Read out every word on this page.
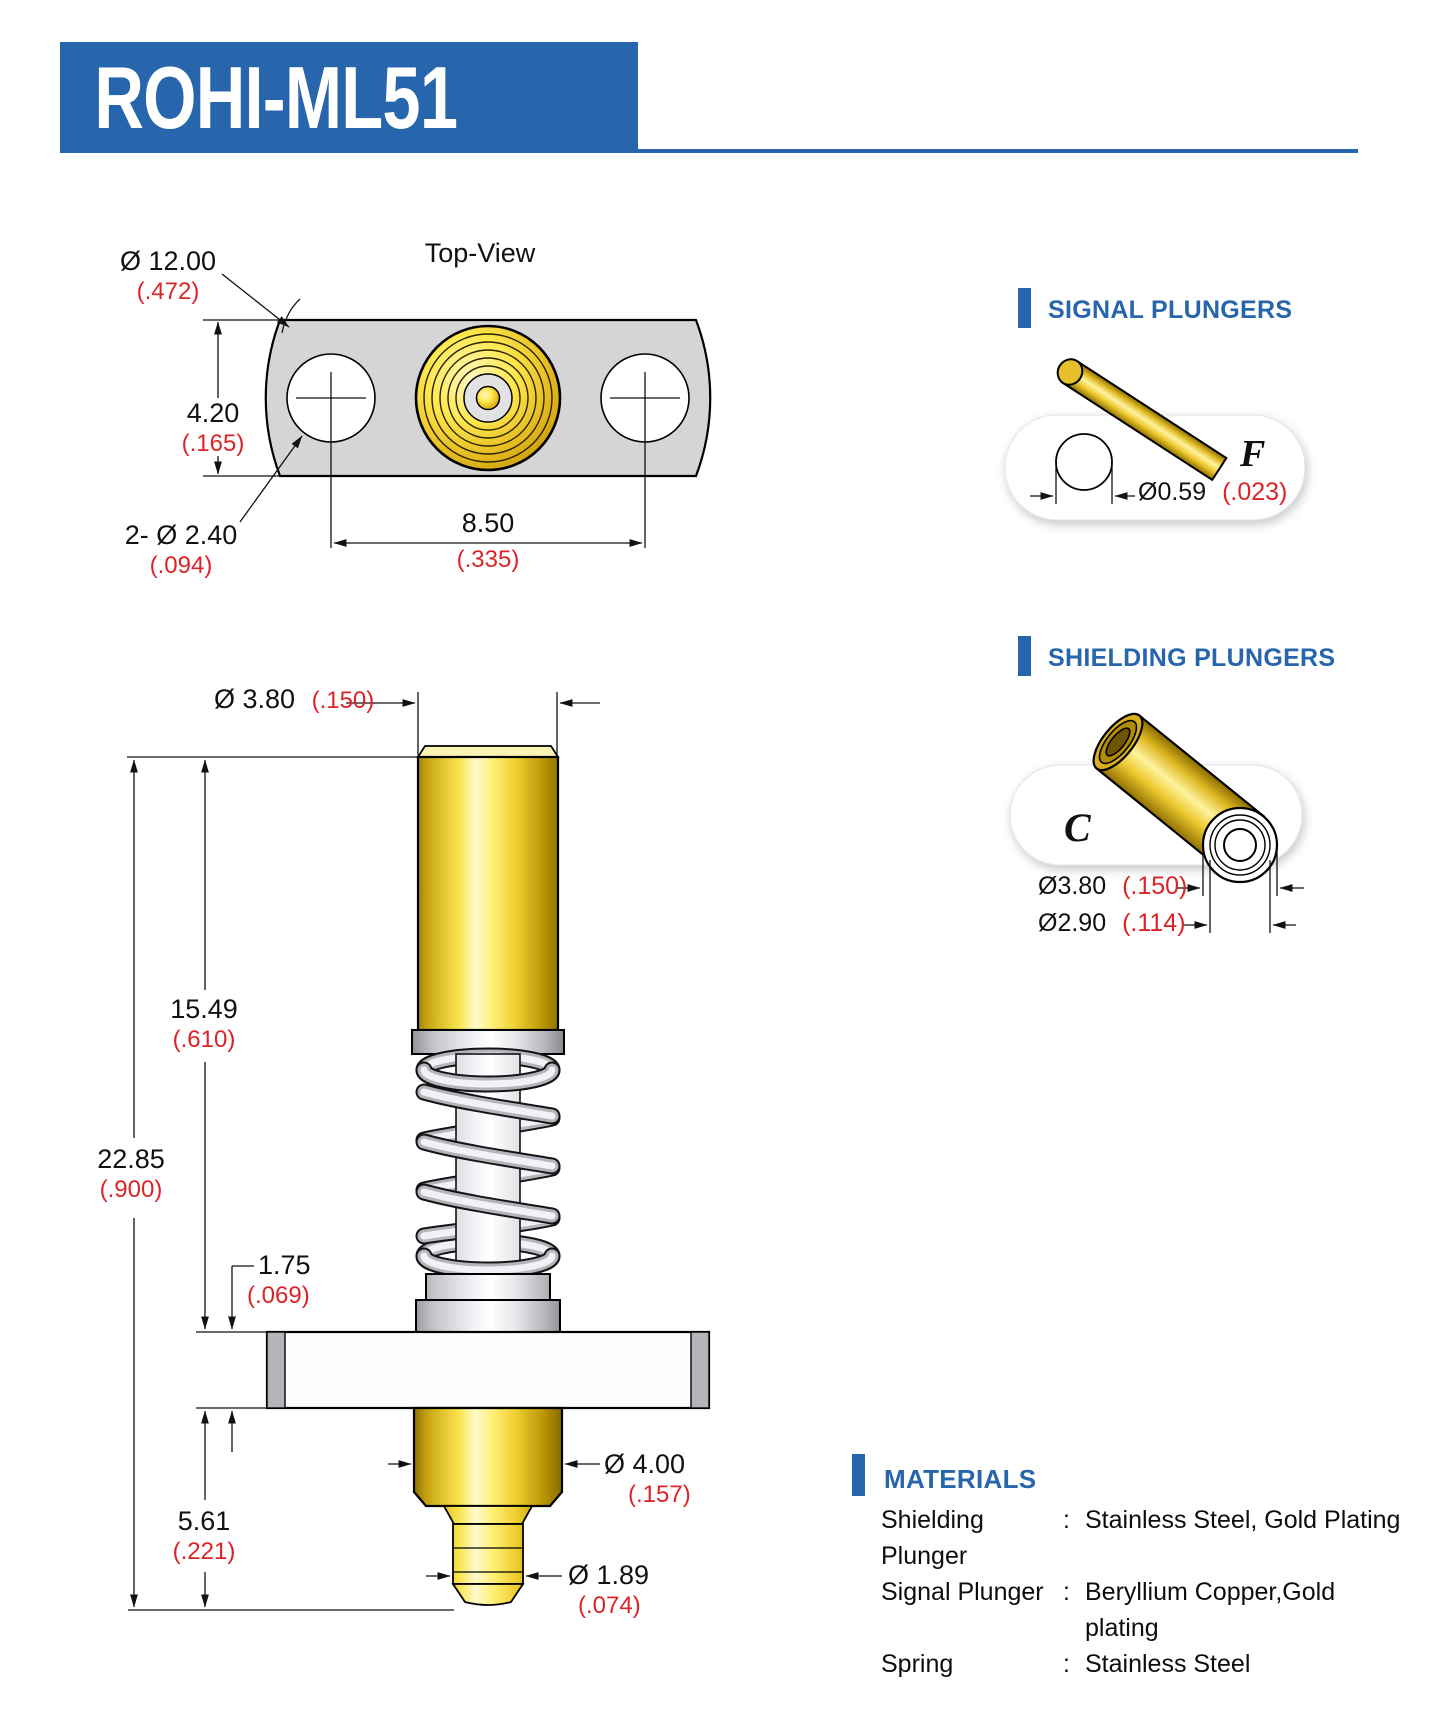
ROHI-ML51
Top-View
Ø 12.00
(.472)
4.20
(.165)
2- Ø 2.40
(.094)
8.50
(.335)
Ø 3.80 (.150)
15.49
(.610)
22.85
(.900)
1.75
(.069)
5.61
(.221)
Ø 4.00
(.157)
Ø 1.89
(.074)
SIGNAL PLUNGERS
F
Ø0.59 (.023)
SHIELDING PLUNGERS
C
Ø3.80 (.150)
Ø2.90 (.114)
MATERIALS
Shielding Plunger
: Stainless Steel, Gold Plating
Signal Plunger : Beryllium Copper,Gold plating
Spring	: Stainless Steel
